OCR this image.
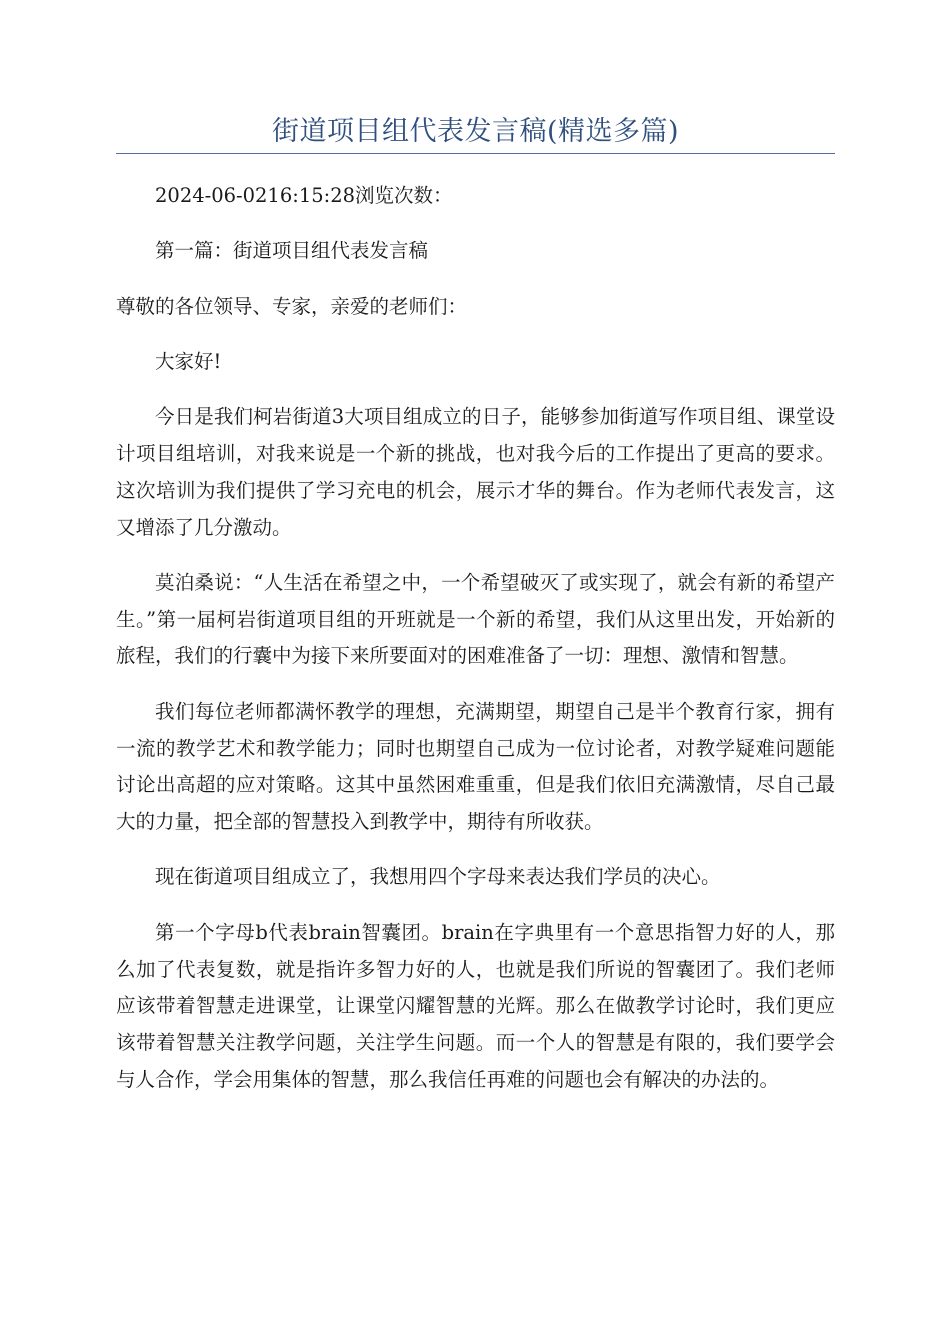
街道项目组代表发言稿(精选多篇)

2024-06-0216:15:28浏览次数：

第一篇：街道项目组代表发言稿

尊敬的各位领导、专家，亲爱的老师们：

大家好!

今日是我们柯岩街道3大项目组成立的日子，能够参加街道写作项目组、课堂设计项目组培训，对我来说是一个新的挑战，也对我今后的工作提出了更高的要求。这次培训为我们提供了学习充电的机会，展示才华的舞台。作为老师代表发言，这又增添了几分激动。

莫泊桑说：“人生活在希望之中，一个希望破灭了或实现了，就会有新的希望产生。”第一届柯岩街道项目组的开班就是一个新的希望，我们从这里出发，开始新的旅程，我们的行囊中为接下来所要面对的困难准备了一切：理想、激情和智慧。

我们每位老师都满怀教学的理想，充满期望，期望自己是半个教育行家，拥有一流的教学艺术和教学能力；同时也期望自己成为一位讨论者，对教学疑难问题能讨论出高超的应对策略。这其中虽然困难重重，但是我们依旧充满激情，尽自己最大的力量，把全部的智慧投入到教学中，期待有所收获。

现在街道项目组成立了，我想用四个字母来表达我们学员的决心。

第一个字母b代表brain智囊团。brain在字典里有一个意思指智力好的人，那么加了代表复数，就是指许多智力好的人，也就是我们所说的智囊团了。我们老师应该带着智慧走进课堂，让课堂闪耀智慧的光辉。那么在做教学讨论时，我们更应该带着智慧关注教学问题，关注学生问题。而一个人的智慧是有限的，我们要学会与人合作，学会用集体的智慧，那么我信任再难的问题也会有解决的办法的。
